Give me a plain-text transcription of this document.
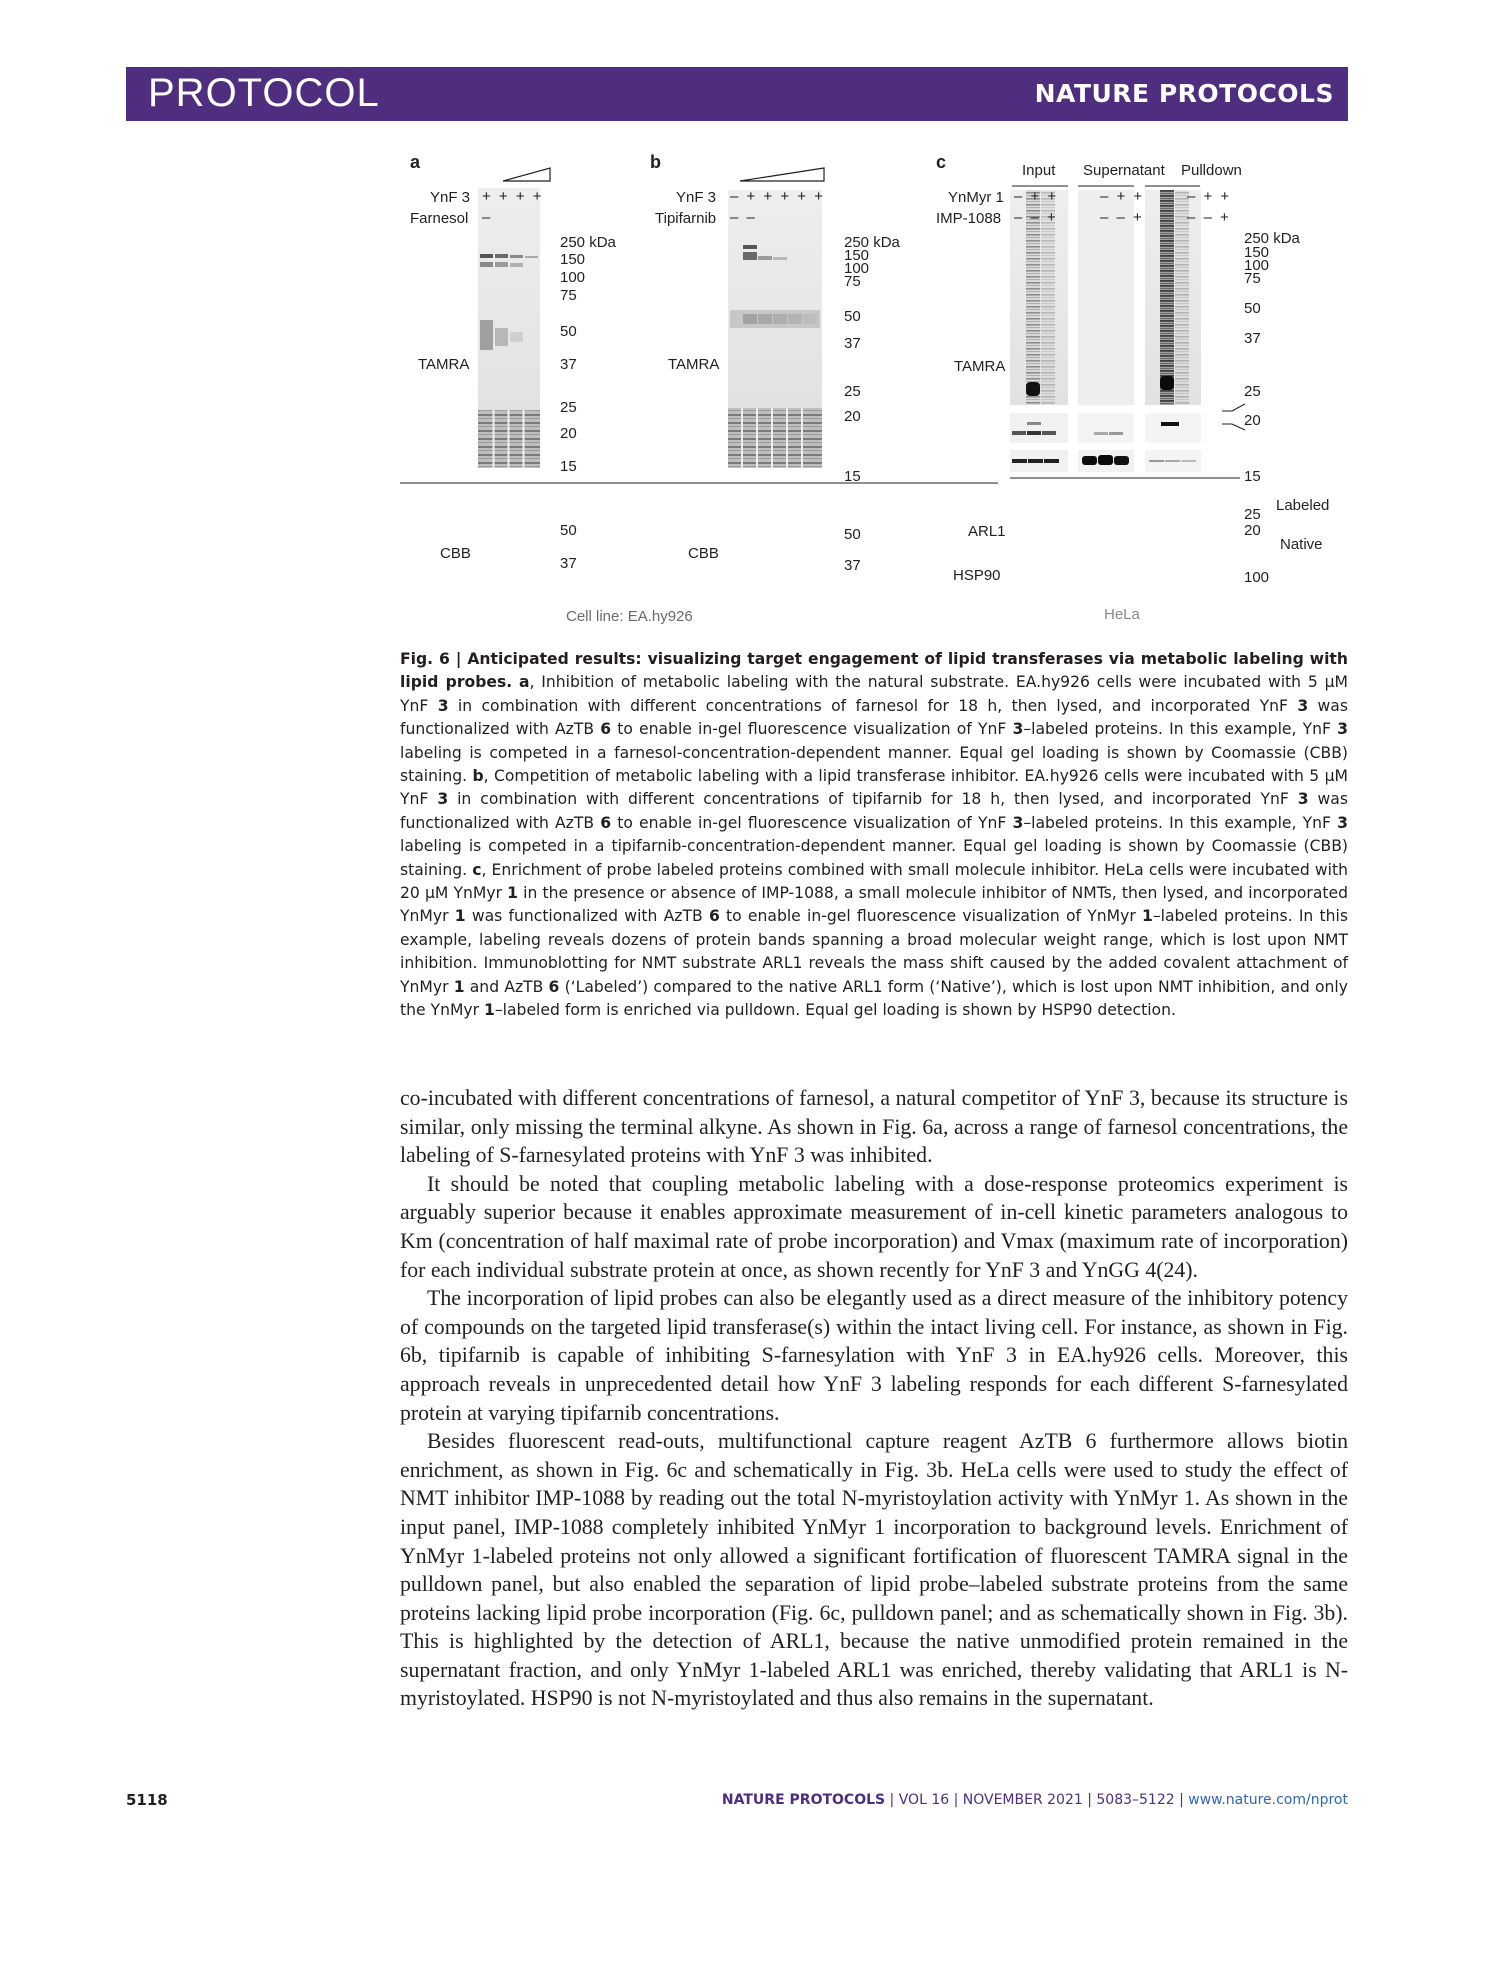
PROTOCOL	NATURE PROTOCOLS
a
YnF 3 + + + +
Farnesol –
250 kDa
150
100
75
50
37
25
20
15
TAMRA
b
YnF 3 – + + + + +
Tipifarnib – –
250 kDa
150
100
75
50
37
25
20
15
TAMRA
CBB
50
37
CBB
50
37
Cell line: EA.hy926
c	Input Supernatant Pulldown
YnMyr 1 – + +	– + +	– + +
IMP-1088 – – +	– – +	– – +
250 kDa
150
100
75
50
37
25
20
15
TAMRA
ARL1
HSP90
25
20
100
Labeled
Native
HeLa
Fig. 6 | Anticipated results: visualizing target engagement of lipid transferases via metabolic labeling with lipid probes. a, Inhibition of metabolic labeling with the natural substrate. EA.hy926 cells were incubated with 5 μM YnF 3 in combination with different concentrations of farnesol for 18 h, then lysed, and incorporated YnF 3 was functionalized with AzTB 6 to enable in-gel fluorescence visualization of YnF 3–labeled proteins. In this example, YnF 3 labeling is competed in a farnesol-concentration-dependent manner. Equal gel loading is shown by Coomassie (CBB) staining. b, Competition of metabolic labeling with a lipid transferase inhibitor. EA.hy926 cells were incubated with 5 μM YnF 3 in combination with different concentrations of tipifarnib for 18 h, then lysed, and incorporated YnF 3 was functionalized with AzTB 6 to enable in-gel fluorescence visualization of YnF 3–labeled proteins. In this example, YnF 3 labeling is competed in a tipifarnib-concentration-dependent manner. Equal gel loading is shown by Coomassie (CBB) staining. c, Enrichment of probe labeled proteins combined with small molecule inhibitor. HeLa cells were incubated with 20 μM YnMyr 1 in the presence or absence of IMP-1088, a small molecule inhibitor of NMTs, then lysed, and incorporated YnMyr 1 was functionalized with AzTB 6 to enable in-gel fluorescence visualization of YnMyr 1–labeled proteins. In this example, labeling reveals dozens of protein bands spanning a broad molecular weight range, which is lost upon NMT inhibition. Immunoblotting for NMT substrate ARL1 reveals the mass shift caused by the added covalent attachment of YnMyr 1 and AzTB 6 (‘Labeled’) compared to the native ARL1 form (‘Native’), which is lost upon NMT inhibition, and only the YnMyr 1–labeled form is enriched via pulldown. Equal gel loading is shown by HSP90 detection.

co-incubated with different concentrations of farnesol, a natural competitor of YnF 3, because its structure is similar, only missing the terminal alkyne. As shown in Fig. 6a, across a range of farnesol concentrations, the labeling of S-farnesylated proteins with YnF 3 was inhibited.

It should be noted that coupling metabolic labeling with a dose-response proteomics experiment is arguably superior because it enables approximate measurement of in-cell kinetic parameters analogous to Km (concentration of half maximal rate of probe incorporation) and Vmax (maximum rate of incorporation) for each individual substrate protein at once, as shown recently for YnF 3 and YnGG 4(24).

The incorporation of lipid probes can also be elegantly used as a direct measure of the inhibitory potency of compounds on the targeted lipid transferase(s) within the intact living cell. For instance, as shown in Fig. 6b, tipifarnib is capable of inhibiting S-farnesylation with YnF 3 in EA.hy926 cells. Moreover, this approach reveals in unprecedented detail how YnF 3 labeling responds for each different S-farnesylated protein at varying tipifarnib concentrations.

Besides fluorescent read-outs, multifunctional capture reagent AzTB 6 furthermore allows biotin enrichment, as shown in Fig. 6c and schematically in Fig. 3b. HeLa cells were used to study the effect of NMT inhibitor IMP-1088 by reading out the total N-myristoylation activity with YnMyr 1. As shown in the input panel, IMP-1088 completely inhibited YnMyr 1 incorporation to background levels. Enrichment of YnMyr 1-labeled proteins not only allowed a significant fortification of fluorescent TAMRA signal in the pulldown panel, but also enabled the separation of lipid probe–labeled substrate proteins from the same proteins lacking lipid probe incorporation (Fig. 6c, pulldown panel; and as schematically shown in Fig. 3b). This is highlighted by the detection of ARL1, because the native unmodified protein remained in the supernatant fraction, and only YnMyr 1-labeled ARL1 was enriched, thereby validating that ARL1 is N-myristoylated. HSP90 is not N-myristoylated and thus also remains in the supernatant.

5118	NATURE PROTOCOLS | VOL 16 | NOVEMBER 2021 | 5083–5122 | www.nature.com/nprot
